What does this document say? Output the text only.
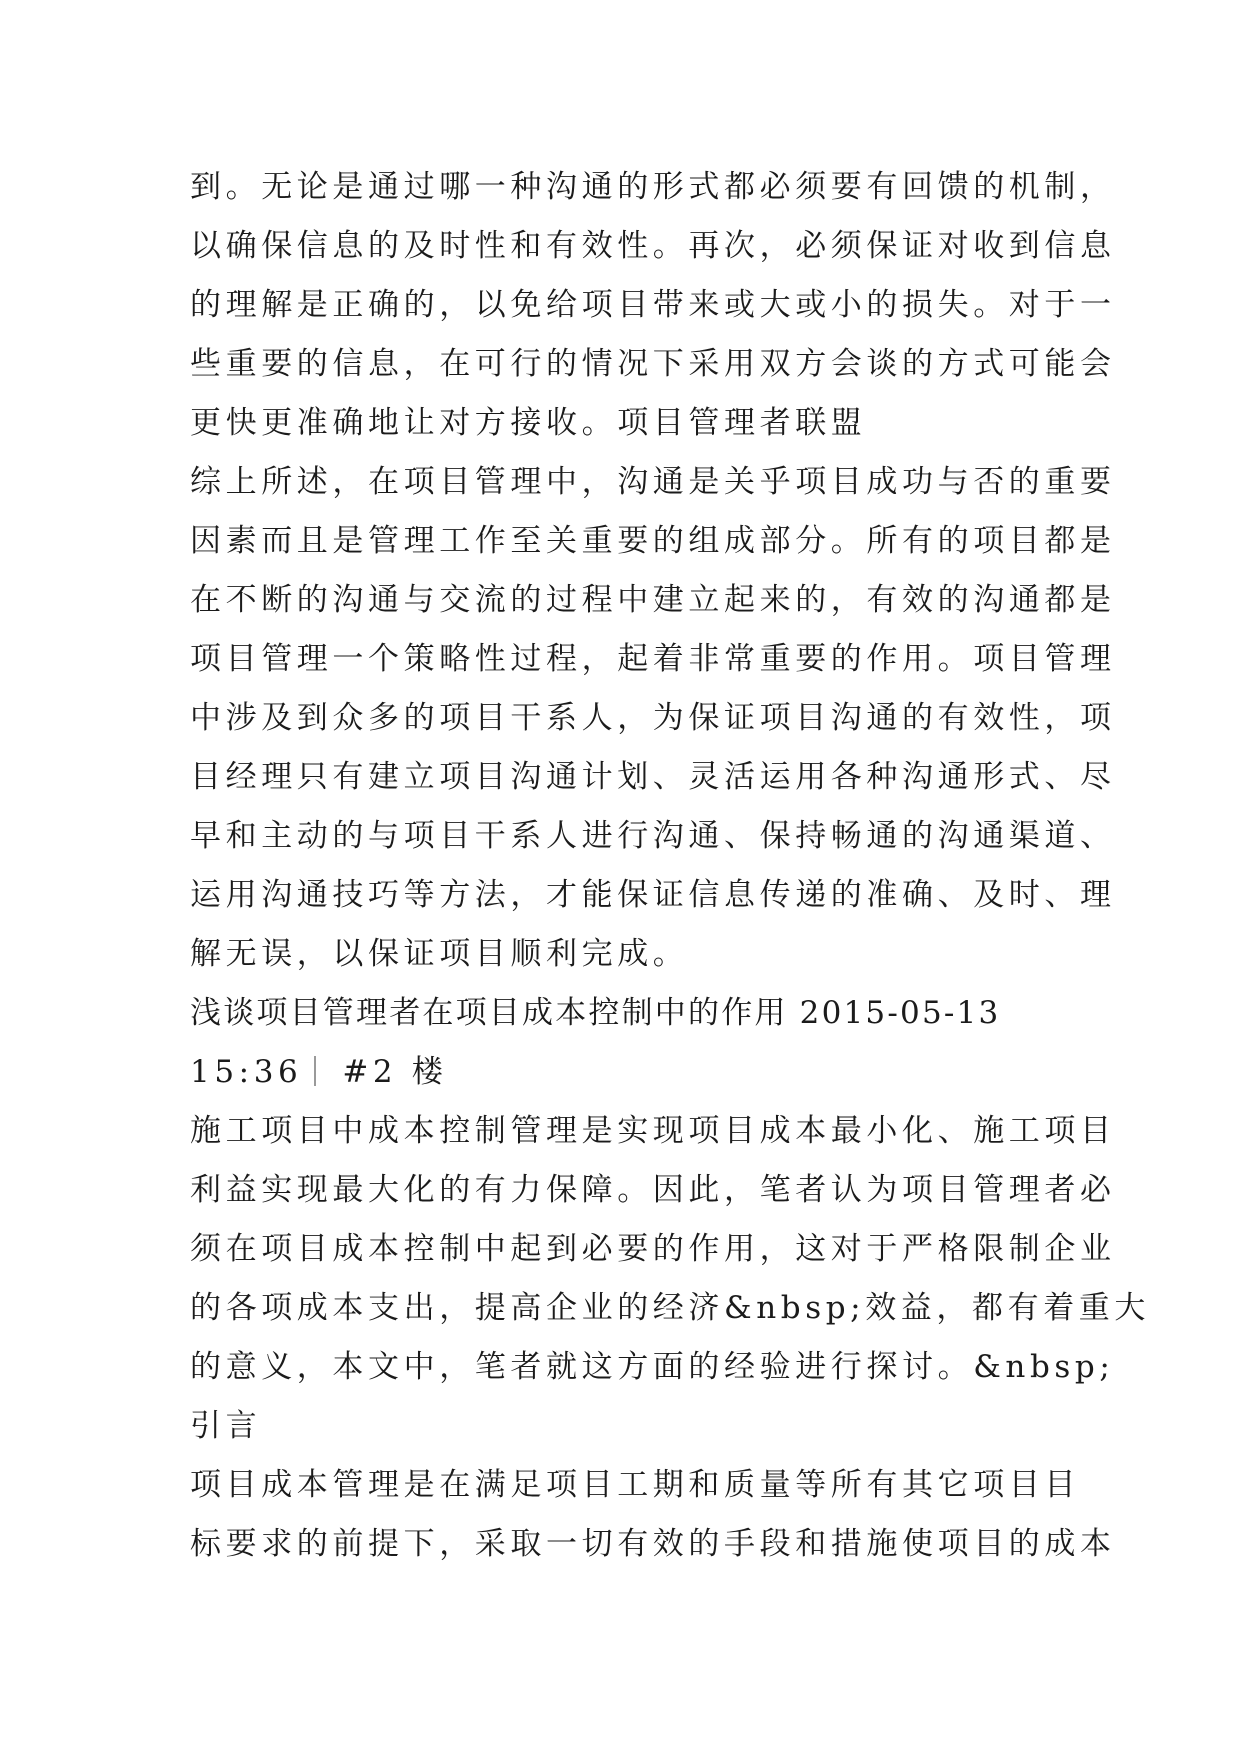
到。无论是通过哪一种沟通的形式都必须要有回馈的机制，
以确保信息的及时性和有效性。再次，必须保证对收到信息
的理解是正确的，以免给项目带来或大或小的损失。对于一
些重要的信息，在可行的情况下采用双方会谈的方式可能会
更快更准确地让对方接收。项目管理者联盟
综上所述，在项目管理中，沟通是关乎项目成功与否的重要
因素而且是管理工作至关重要的组成部分。所有的项目都是
在不断的沟通与交流的过程中建立起来的，有效的沟通都是
项目管理一个策略性过程，起着非常重要的作用。项目管理
中涉及到众多的项目干系人，为保证项目沟通的有效性，项
目经理只有建立项目沟通计划、灵活运用各种沟通形式、尽
早和主动的与项目干系人进行沟通、保持畅通的沟通渠道、
运用沟通技巧等方法，才能保证信息传递的准确、及时、理
解无误，以保证项目顺利完成。
浅谈项目管理者在项目成本控制中的作用 2015-05-13
15:36 #2 楼
施工项目中成本控制管理是实现项目成本最小化、施工项目
利益实现最大化的有力保障。因此，笔者认为项目管理者必
须在项目成本控制中起到必要的作用，这对于严格限制企业
的各项成本支出，提高企业的经济&nbsp;效益，都有着重大
的意义，本文中，笔者就这方面的经验进行探讨。&nbsp;
引言
项目成本管理是在满足项目工期和质量等所有其它项目目
标要求的前提下，采取一切有效的手段和措施使项目的成本
